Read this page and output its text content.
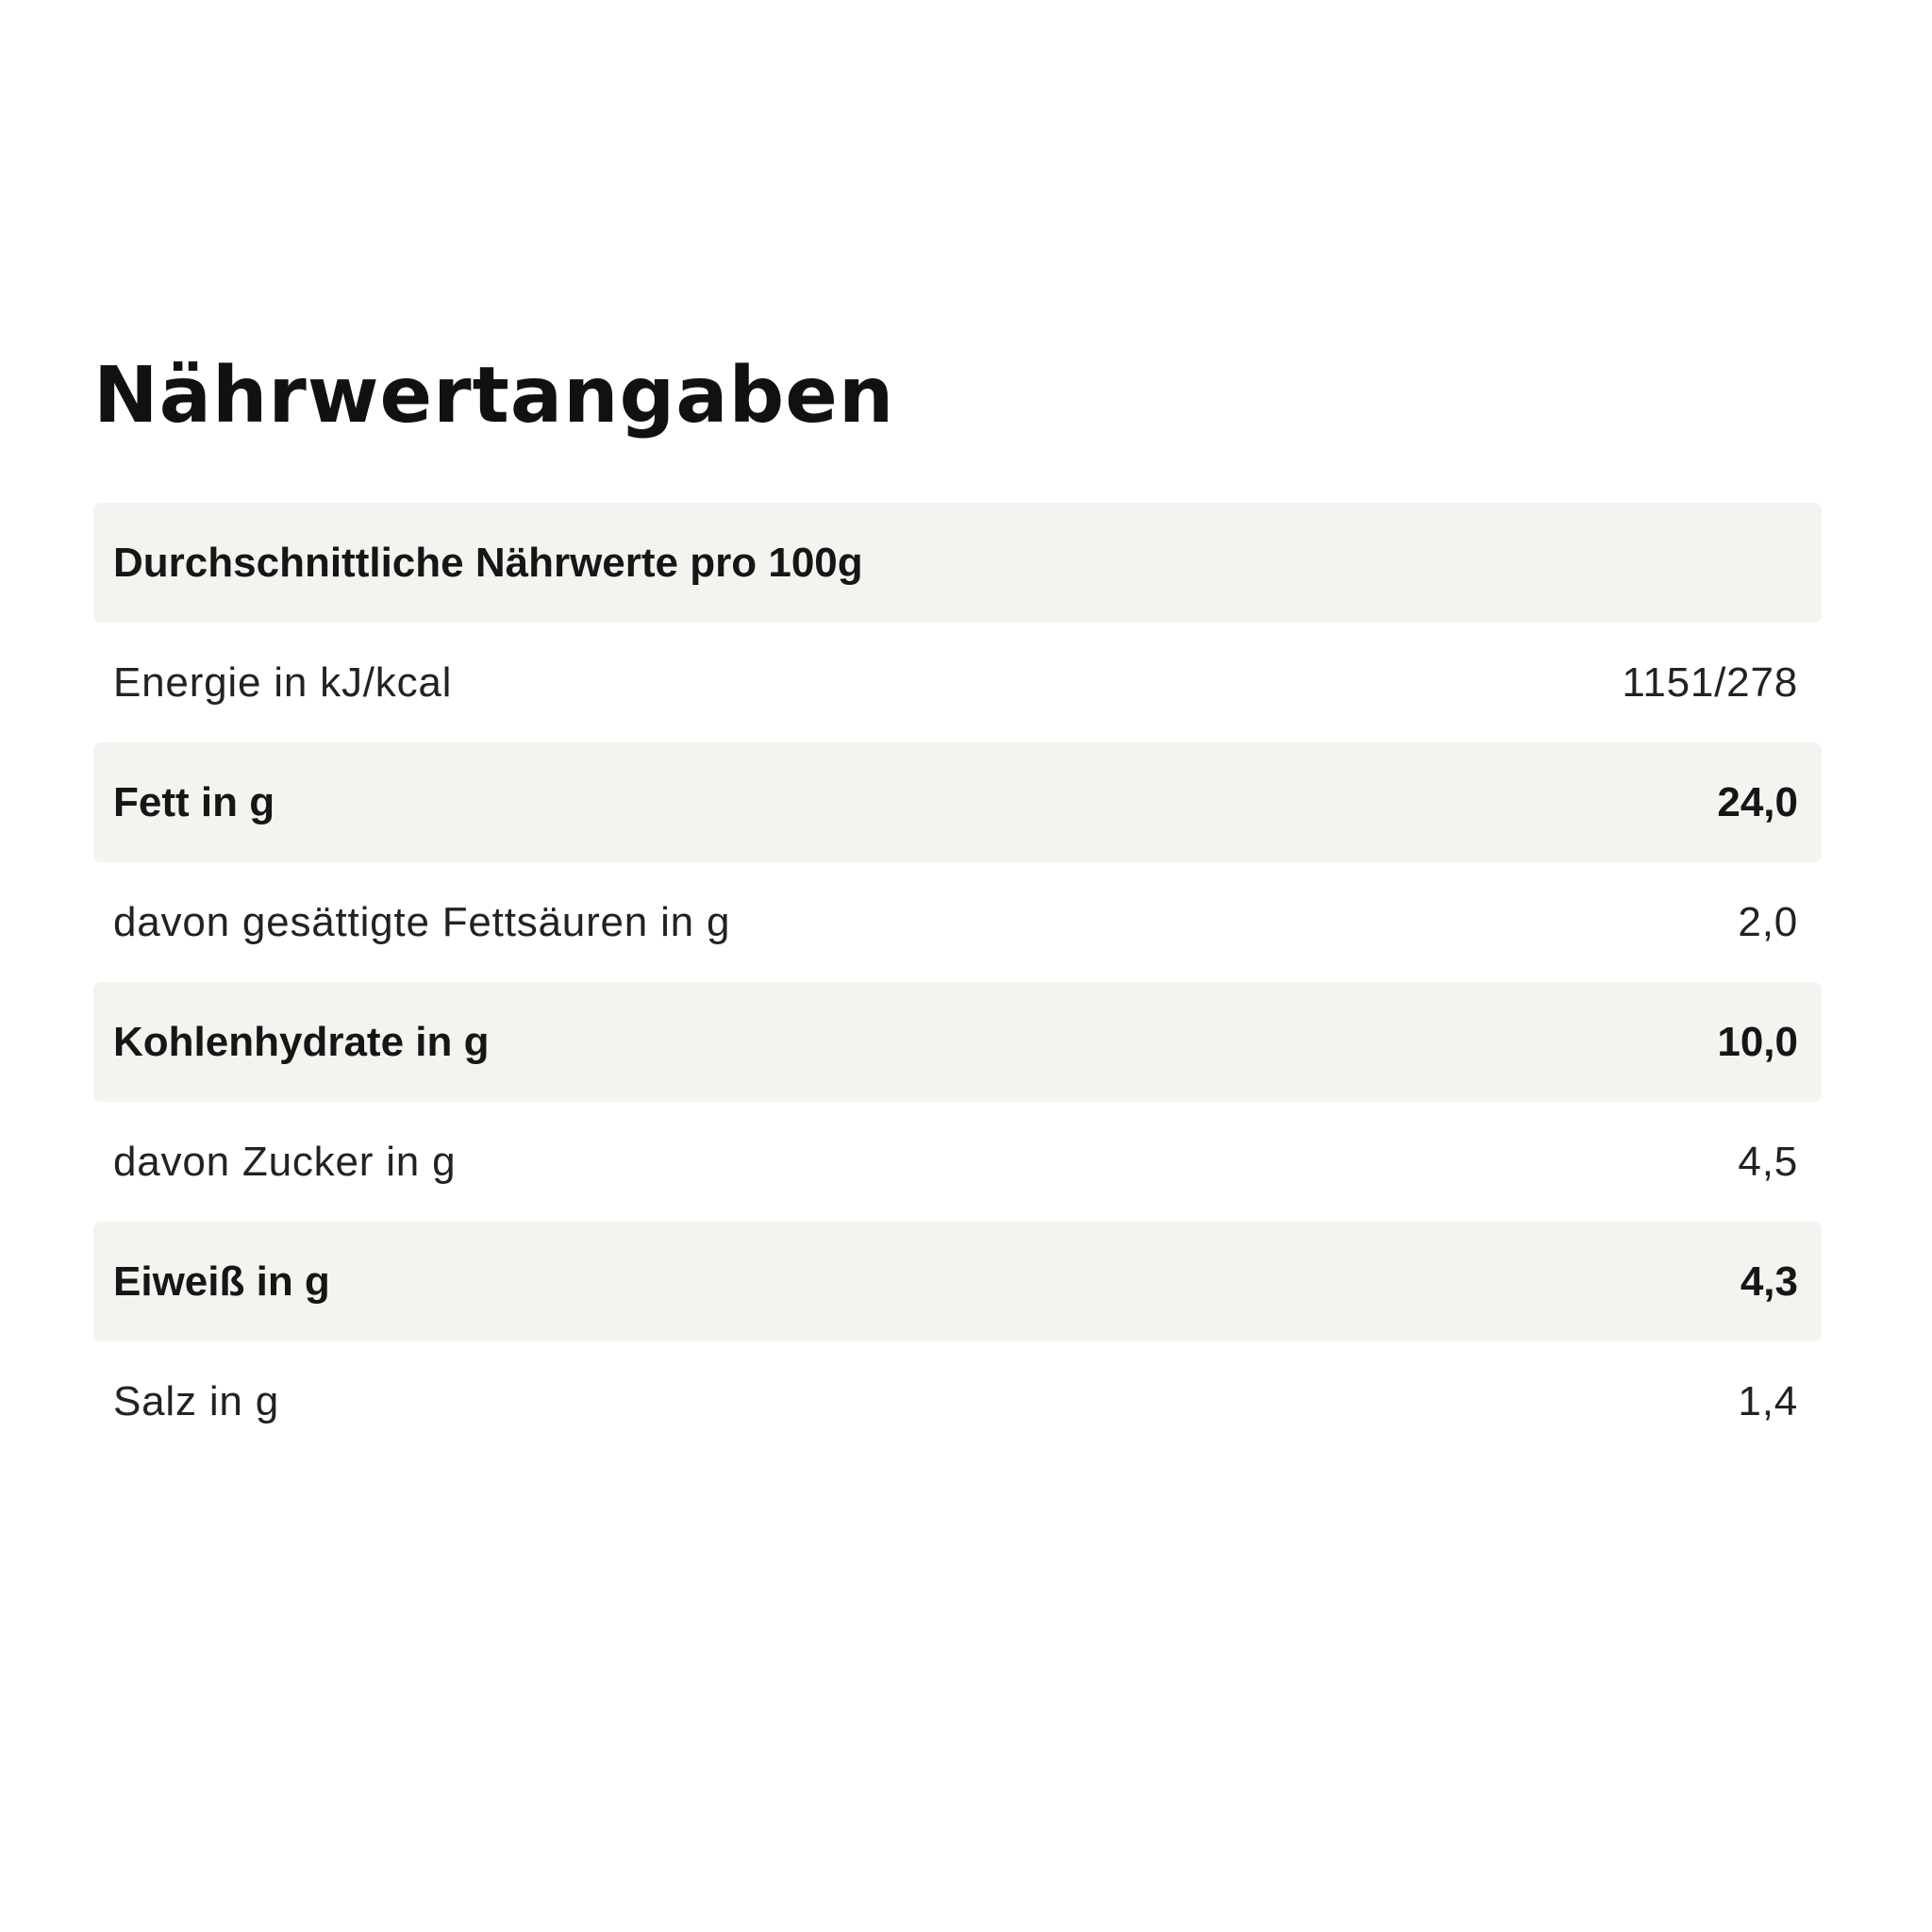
Nährwertangaben
Durchschnittliche Nährwerte pro 100g
Energie in kJ/kcal	1151/278
Fett in g	24,0
davon gesättigte Fettsäuren in g	2,0
Kohlenhydrate in g	10,0
davon Zucker in g	4,5
Eiweiß in g	4,3
Salz in g	1,4
